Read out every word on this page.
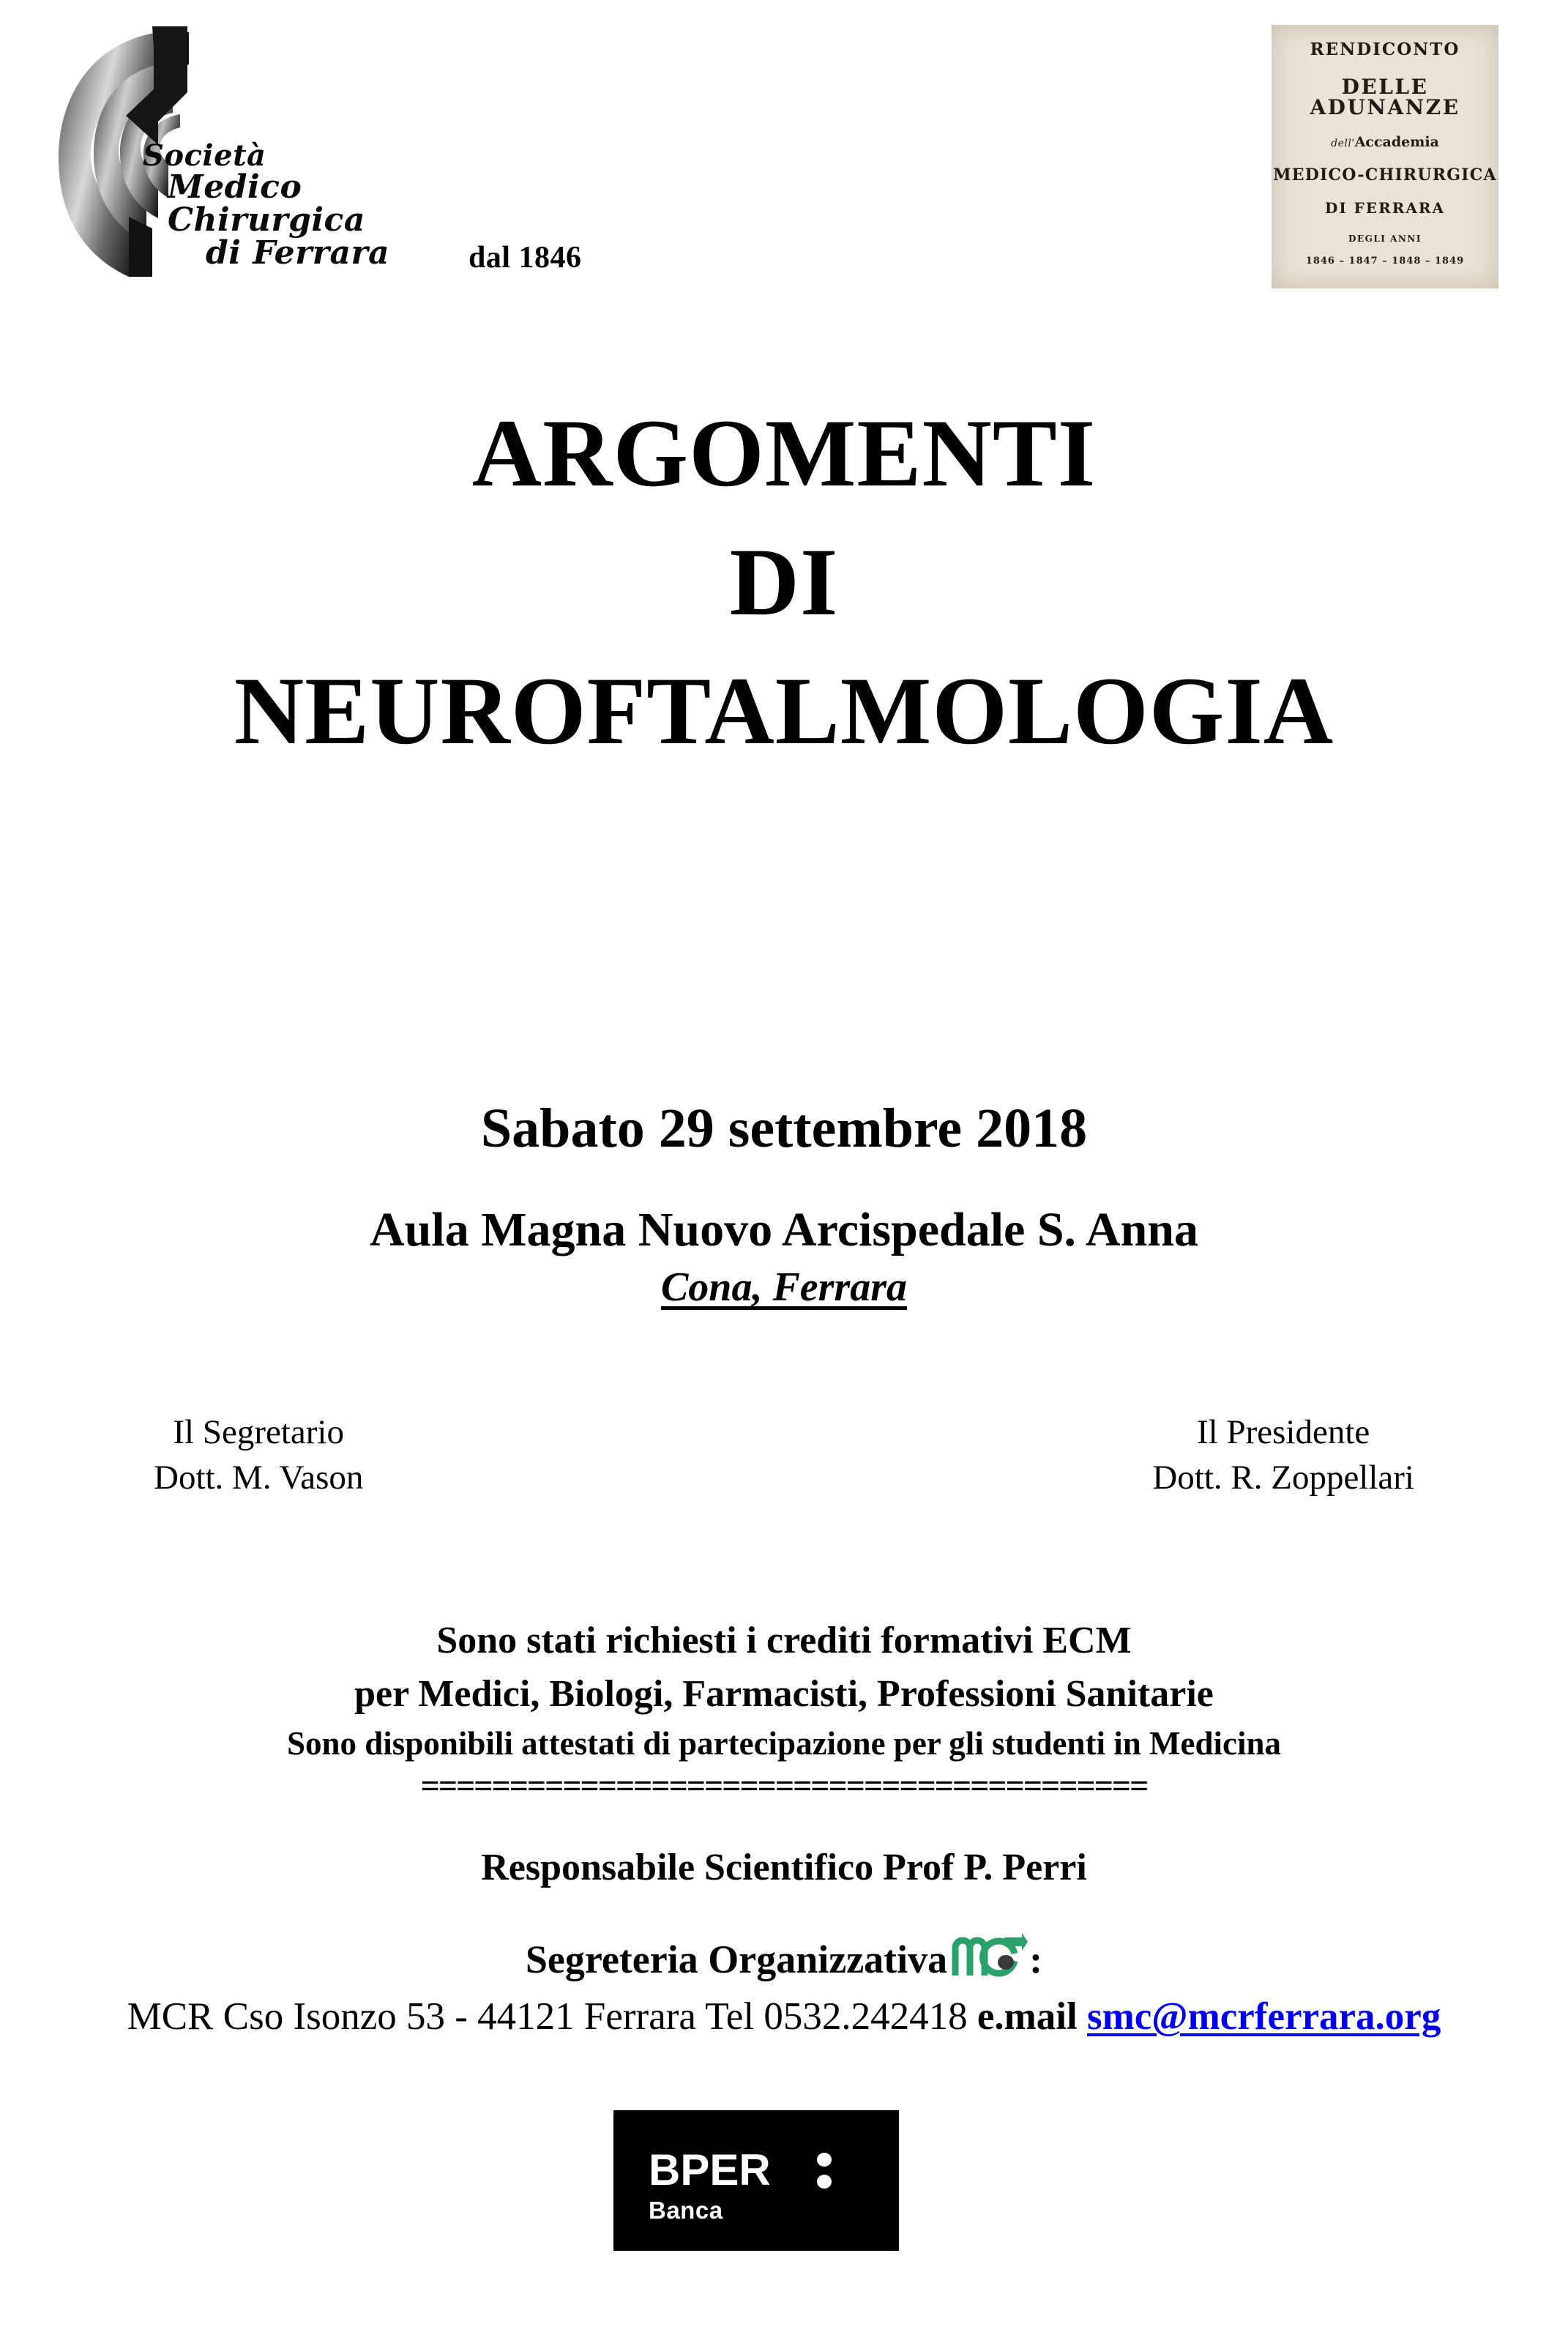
Società
Medico Chirurgica
di Ferrara	dal 1846
RENDICONTO
DELLE ADUNANZE
dell'Accademia
MEDICO-CHIRURGICA
DI FERRARA
DEGLI ANNI
1846 – 1847 – 1848 – 1849
ARGOMENTI
DI
NEUROFTALMOLOGIA
Sabato 29 settembre 2018
Aula Magna Nuovo Arcispedale S. Anna
Cona, Ferrara
Il Segretario
Dott. M. Vason
Il Presidente
Dott. R. Zoppellari
Sono stati richiesti i crediti formativi ECM
per Medici, Biologi, Farmacisti, Professioni Sanitarie
Sono disponibili attestati di partecipazione per gli studenti in Medicina
=========================================
Responsabile Scientifico Prof P. Perri
Segreteria Organizzativa :
MCR Cso Isonzo 53 - 44121 Ferrara Tel 0532.242418 e.mail smc@mcrferrara.org
BPER
Banca
